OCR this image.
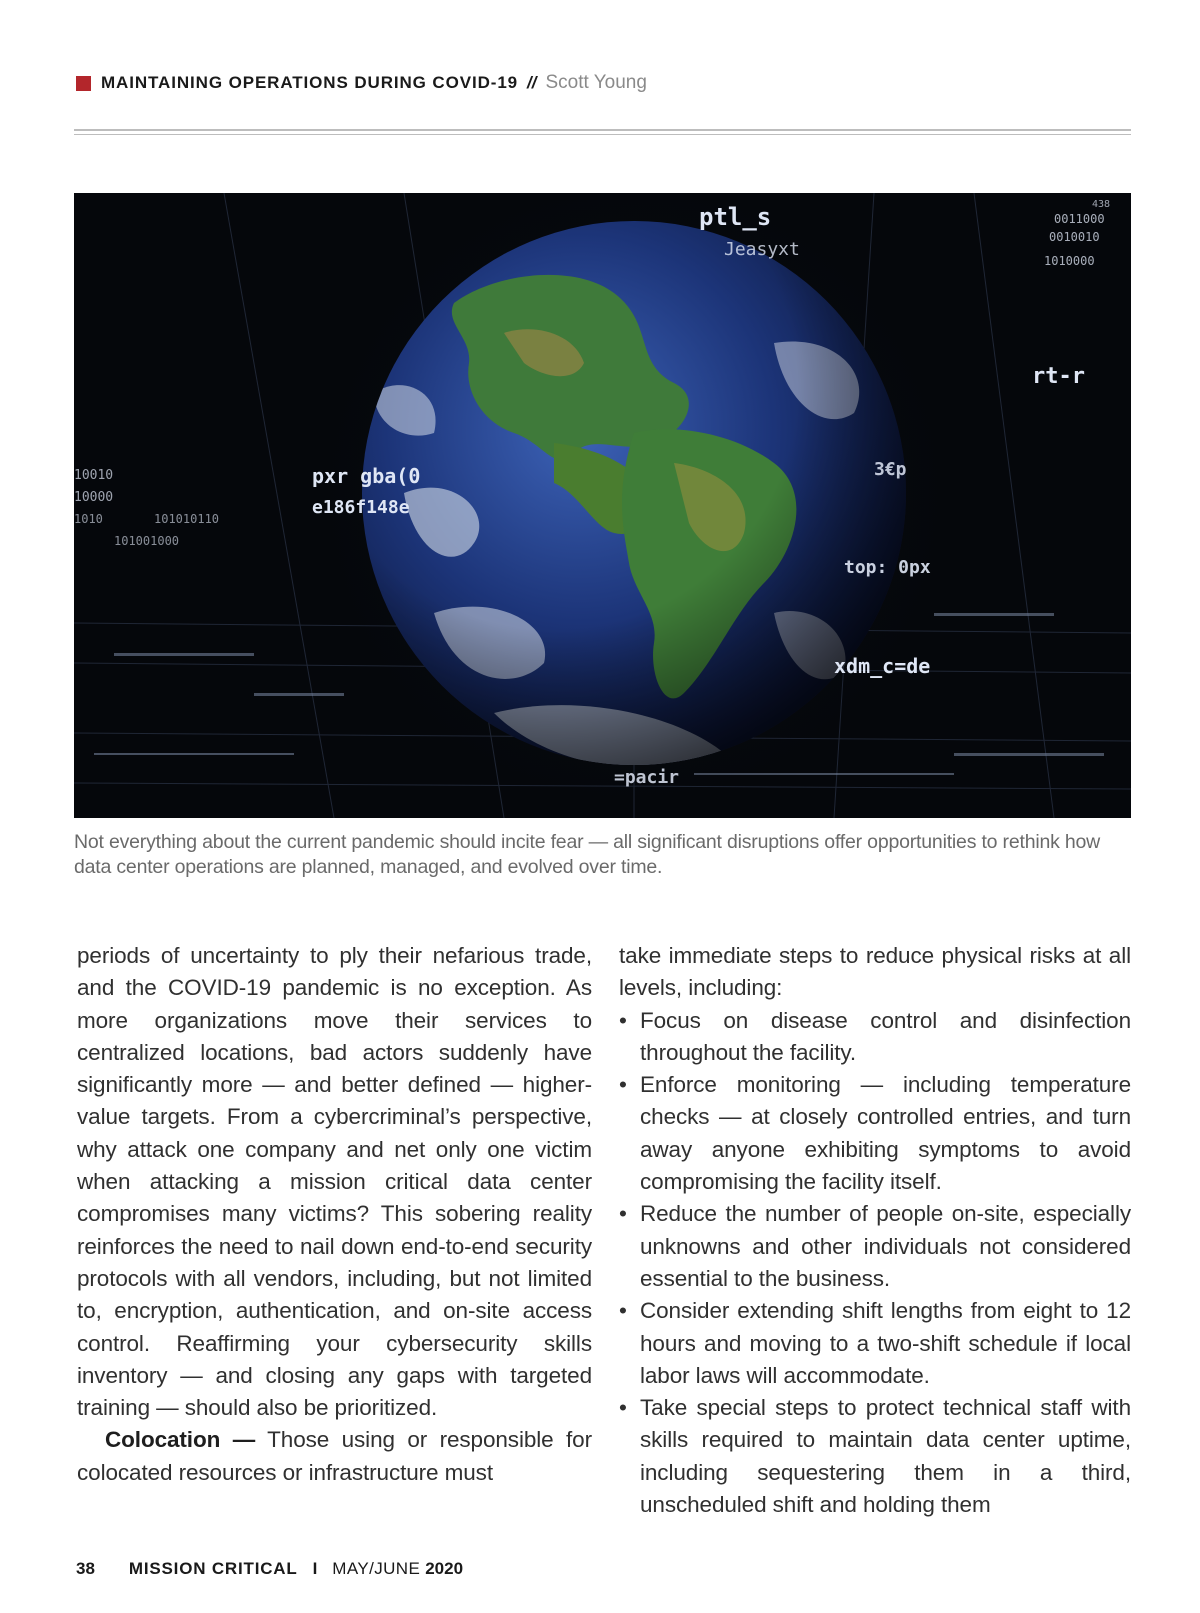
MAINTAINING OPERATIONS DURING COVID-19 // Scott Young
ptl_s
Jeasyxt
pxr gba(0
e186f148e
0011000
0010010
1010000
top: 0px
xdm_c=de
=pacir
rt-r
3€p
10010
10000
1010	101010110
101001000
438
Not everything about the current pandemic should incite fear — all significant disruptions offer opportunities to rethink how data center operations are planned, managed, and evolved over time.

periods of uncertainty to ply their nefarious trade, and the COVID-19 pandemic is no exception. As more organizations move their services to centralized locations, bad actors suddenly have significantly more — and better defined — higher-value targets. From a cybercriminal’s perspective, why attack one company and net only one victim when attacking a mission critical data center compromises many victims? This sobering reality reinforces the need to nail down end-to-end security protocols with all vendors, including, but not limited to, encryption, authentication, and on-site access control. Reaffirming your cybersecurity skills inventory — and closing any gaps with targeted training — should also be prioritized.

Colocation — Those using or responsible for colocated resources or infrastructure must

take immediate steps to reduce physical risks at all levels, including:

• Focus on disease control and disinfection throughout the facility.
• Enforce monitoring — including temperature checks — at closely controlled entries, and turn away anyone exhibiting symptoms to avoid compromising the facility itself.
• Reduce the number of people on-site, especially unknowns and other individuals not considered essential to the business.
• Consider extending shift lengths from eight to 12 hours and moving to a two-shift schedule if local labor laws will accommodate.
• Take special steps to protect technical staff with skills required to maintain data center uptime, including sequestering them in a third, unscheduled shift and holding them
38 MISSION CRITICAL I MAY/JUNE 2020
